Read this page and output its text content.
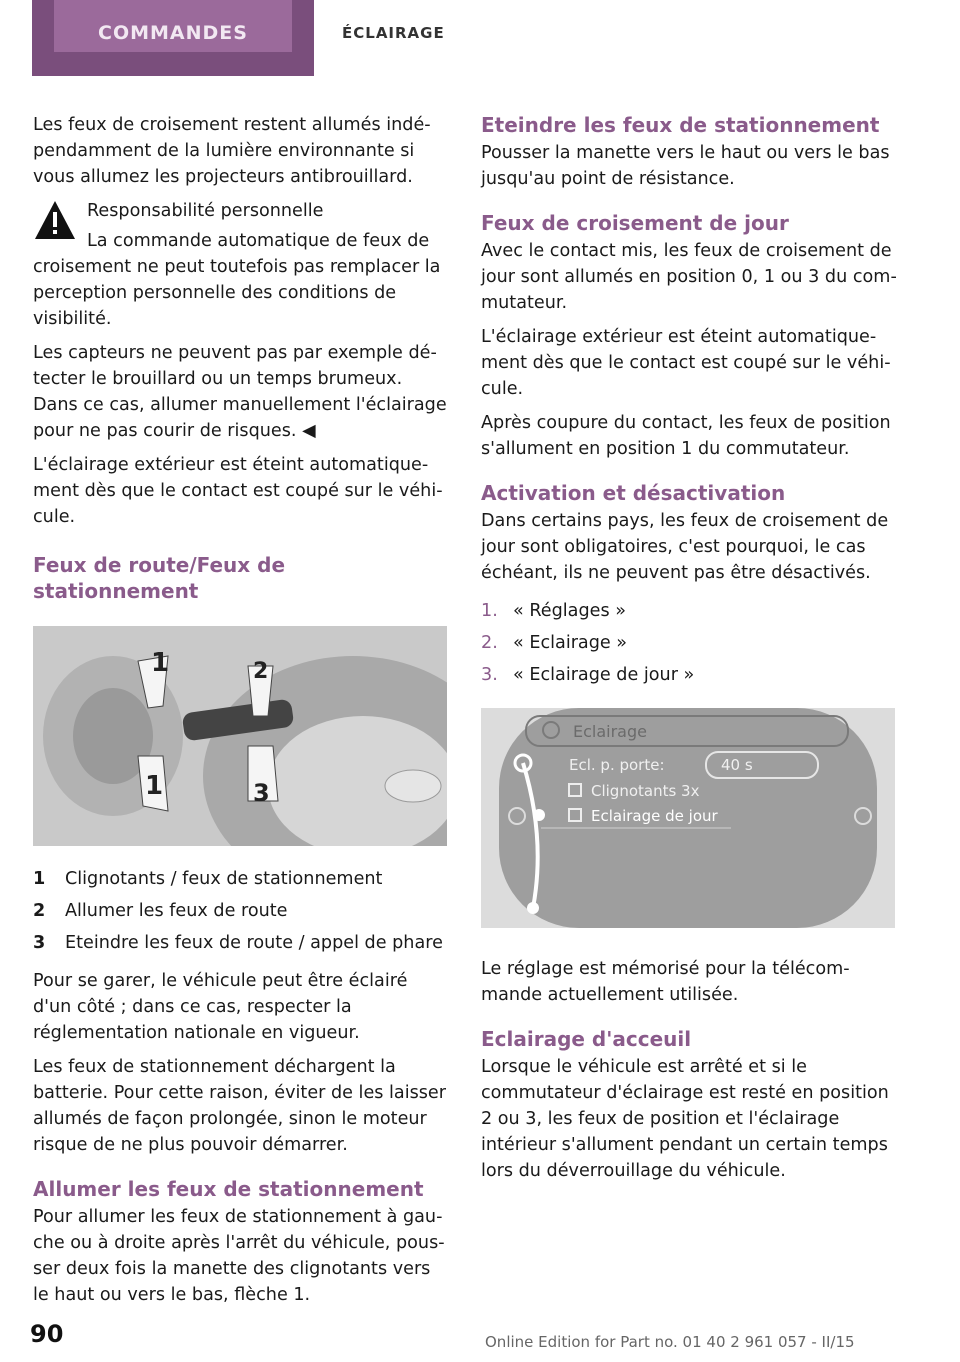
COMMANDES	ÉCLAIRAGE

Les feux de croisement restent allumés indépendamment de la lumière environnante si vous allumez les projecteurs antibrouillard.

Responsabilité personnelle

La commande automatique de feux de croisement ne peut toutefois pas remplacer la perception personnelle des conditions de visibilité.

Les capteurs ne peuvent pas par exemple détecter le brouillard ou un temps brumeux. Dans ce cas, allumer manuellement l'éclairage pour ne pas courir de risques. ◀

L'éclairage extérieur est éteint automatiquement dès que le contact est coupé sur le véhicule.

Feux de route/Feux de stationnement
1	2
3
1
1	Clignotants / feux de stationnement
2	Allumer les feux de route
3	Eteindre les feux de route / appel de phare

Pour se garer, le véhicule peut être éclairé d'un côté ; dans ce cas, respecter la réglementation nationale en vigueur.

Les feux de stationnement déchargent la batterie. Pour cette raison, éviter de les laisser allumés de façon prolongée, sinon le moteur risque de ne plus pouvoir démarrer.

Allumer les feux de stationnement

Pour allumer les feux de stationnement à gauche ou à droite après l'arrêt du véhicule, pousser deux fois la manette des clignotants vers le haut ou vers le bas, flèche 1.

Eteindre les feux de stationnement

Pousser la manette vers le haut ou vers le bas jusqu'au point de résistance.

Feux de croisement de jour

Avec le contact mis, les feux de croisement de jour sont allumés en position 0, 1 ou 3 du commutateur.

L'éclairage extérieur est éteint automatiquement dès que le contact est coupé sur le véhicule.

Après coupure du contact, les feux de position s'allument en position 1 du commutateur.

Activation et désactivation

Dans certains pays, les feux de croisement de jour sont obligatoires, c'est pourquoi, le cas échéant, ils ne peuvent pas être désactivés.

1. « Réglages »
2. « Eclairage »
3. « Eclairage de jour »
Eclairage
Ecl. p. porte:	40 s
Clignotants 3x
Eclairage de jour

Le réglage est mémorisé pour la télécommande actuellement utilisée.

Eclairage d'acceuil

Lorsque le véhicule est arrêté et si le commutateur d'éclairage est resté en position 2 ou 3, les feux de position et l'éclairage intérieur s'allument pendant un certain temps lors du déverrouillage du véhicule.

90	Online Edition for Part no. 01 40 2 961 057 - II/15
